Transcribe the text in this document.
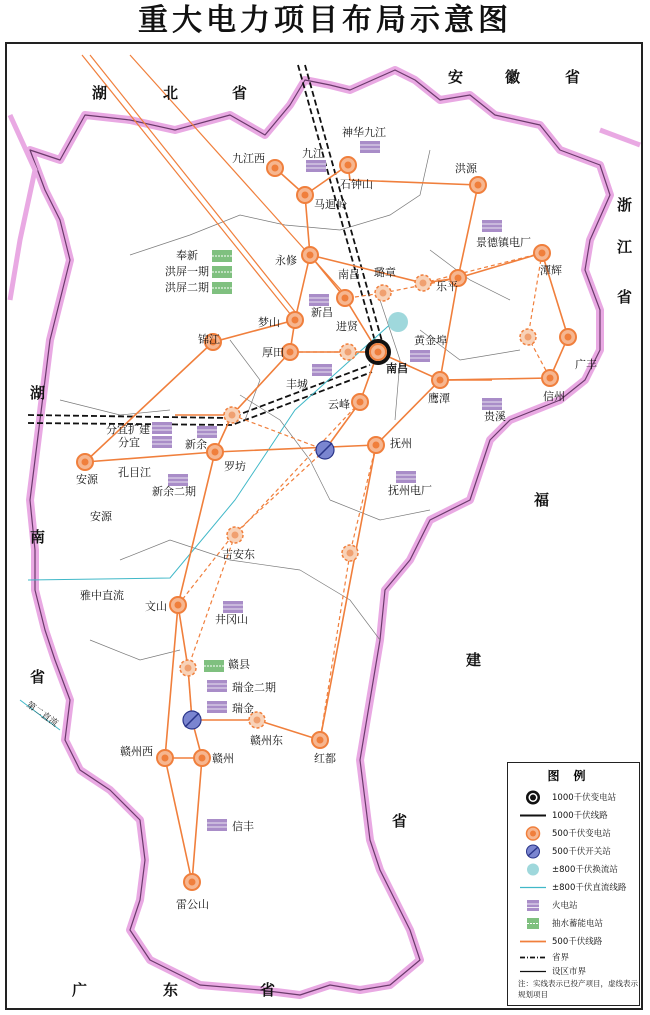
重大电力项目布局示意图
湖	北	省
安	徽	省
浙
江
省
湖
南
省
福
建
省
广	东	省
九江西	九江
神华九江
石钟山
马迴岭
洪源
景德镇电厂
奉新
洪屏一期
洪屏二期
永修
南昌 璐章
乐平
潭辉
锦江
梦山
新昌
进贤
黄金埠
南昌	广丰
厚田
丰城
云峰	鹰潭	信州
贵溪
分宜扩建
分宜	新余	抚州
安源
孔目江	罗坊
新余二期	抚州电厂
安源
吉安东
雅中直流
文山
井冈山
赣县
瑞金二期
瑞金
赣州西
赣州
赣州东
红都
信丰
雷公山
第二直流
图例
1000千伏变电站
1000千伏线路
500千伏变电站
500千伏开关站
±800千伏换流站
±800千伏直流线路
火电站
抽水蓄能电站
500千伏线路
省界
设区市界
注：实线表示已投产项目，虚线表示规划项目
